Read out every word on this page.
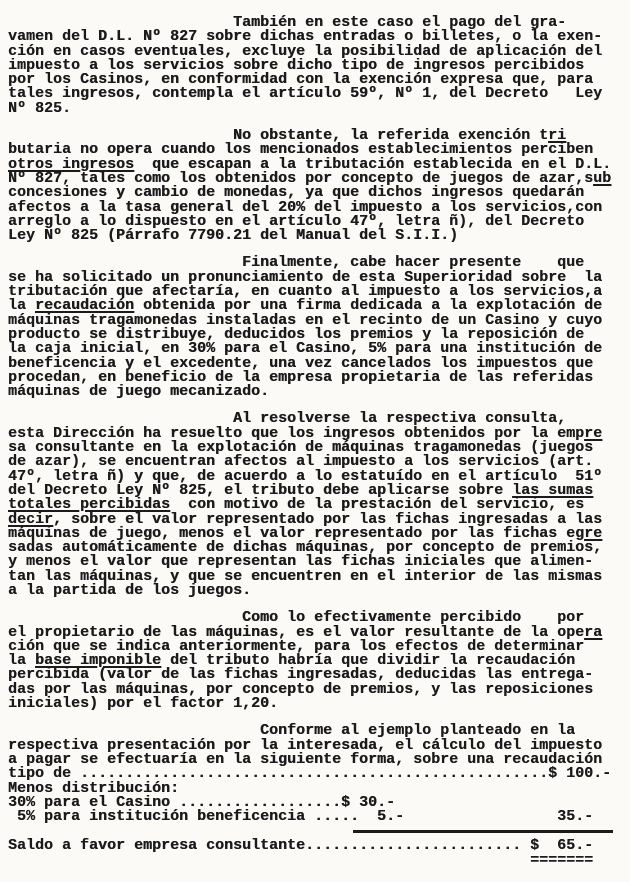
También en este caso el pago del gra-
vamen del D.L. Nº 827 sobre dichas entradas o billetes, o la exen-
ción en casos eventuales, excluye la posibilidad de aplicación del
impuesto a los servicios sobre dicho tipo de ingresos percibidos
por los Casinos, en conformidad con la exención expresa que, para
tales ingresos, contempla el artículo 59º, Nº 1, del Decreto   Ley
Nº 825.
No obstante, la referida exención tri
butaria no opera cuando los mencionados establecimientos perciben
otros ingresos  que escapan a la tributación establecida en el D.L.
Nº 827, tales como los obtenidos por concepto de juegos de azar,sub
concesiones y cambio de monedas, ya que dichos ingresos quedarán
afectos a la tasa general del 20% del impuesto a los servicios,con
arreglo a lo dispuesto en el artículo 47º, letra ñ), del Decreto
Ley Nº 825 (Párrafo 7790.21 del Manual del S.I.I.)
Finalmente, cabe hacer presente    que
se ha solicitado un pronunciamiento de esta Superioridad sobre  la
tributación que afectaría, en cuanto al impuesto a los servicios,a
la recaudación obtenida por una firma dedicada a la explotación de
máquinas tragamonedas instaladas en el recinto de un Casino y cuyo
producto se distribuye, deducidos los premios y la reposición de
la caja inicial, en 30% para el Casino, 5% para una institución de
beneficencia y el excedente, una vez cancelados los impuestos que
procedan, en beneficio de la empresa propietaria de las referidas
máquinas de juego mecanizado.
Al resolverse la respectiva consulta,
esta Dirección ha resuelto que los ingresos obtenidos por la empre
sa consultante en la explotación de máquinas tragamonedas (juegos
de azar), se encuentran afectos al impuesto a los servicios (art.
47º, letra ñ) y que, de acuerdo a lo estatuído en el artículo  51º
del Decreto Ley Nº 825, el tributo debe aplicarse sobre las sumas
totales percibidas  con motivo de la prestación del servicio, es
decir, sobre el valor representado por las fichas ingresadas a las
máquinas de juego, menos el valor representado por las fichas egre
sadas automáticamente de dichas máquinas, por concepto de premios,
y menos el valor que representan las fichas iniciales que alimen-
tan las máquinas, y que se encuentren en el interior de las mismas
a la partida de los juegos.
Como lo efectivamente percibido    por
el propietario de las máquinas, es el valor resultante de la opera
ción que se indica anteriormente, para los efectos de determinar
la base imponible del tributo habría que dividir la recaudación
percibida (valor de las fichas ingresadas, deducidas las entrega-
das por las máquinas, por concepto de premios, y las reposiciones
iniciales) por el factor 1,20.
Conforme al ejemplo planteado en la
respectiva presentación por la interesada, el cálculo del impuesto
a pagar se efectuaría en la siguiente forma, sobre una recaudación
tipo de ....................................................$ 100.-
Menos distribución:
30% para el Casino ..................$ 30.-
5% para institución beneficencia .....  5.-                 35.-
Saldo a favor empresa consultante........................ $  65.-
=======
